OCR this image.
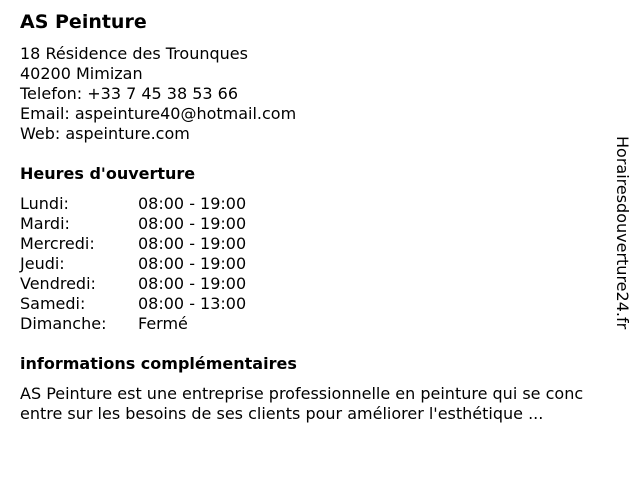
AS Peinture
18 Résidence des Trounques
40200 Mimizan
Telefon: +33 7 45 38 53 66
Email: aspeinture40@hotmail.com
Web: aspeinture.com
Heures d'ouverture
Lundi:	08:00 - 19:00
Mardi:	08:00 - 19:00
Mercredi:	08:00 - 19:00
Jeudi:	08:00 - 19:00
Vendredi:	08:00 - 19:00
Samedi:	08:00 - 13:00
Dimanche: Fermé
informations complémentaires
AS Peinture est une entreprise professionnelle en peinture qui se conc
entre sur les besoins de ses clients pour améliorer l'esthétique ...
Horairesdouverture24.fr
